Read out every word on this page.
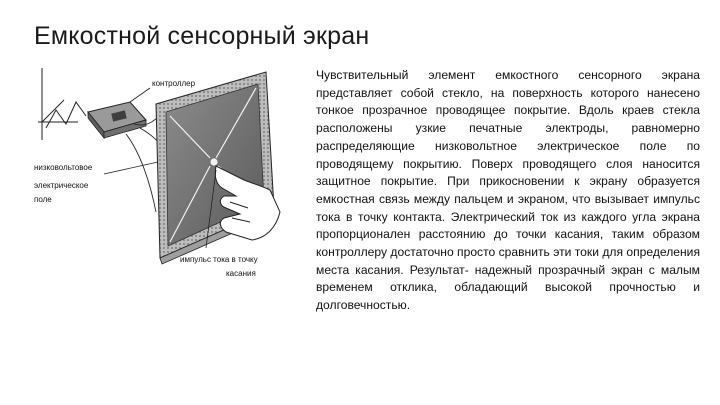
Емкостной сенсорный экран
контроллер
низковольтовое
электрическое
поле
импульс тока в точку
касания
Чувствительный элемент емкостного сенсорного экрана представляет собой стекло, на поверхность которого нанесено тонкое прозрачное проводящее покрытие. Вдоль краев стекла расположены узкие печатные электроды, равномерно распределяющие низковольтное электрическое поле по проводящему покрытию. Поверх проводящего слоя наносится защитное покрытие. При прикосновении к экрану образуется емкостная связь между пальцем и экраном, что вызывает импульс тока в точку контакта. Электрический ток из каждого угла экрана пропорционален расстоянию до точки касания, таким образом контроллеру достаточно просто сравнить эти токи для определения места касания. Результат- надежный прозрачный экран с малым временем отклика, обладающий высокой прочностью и долговечностью.
